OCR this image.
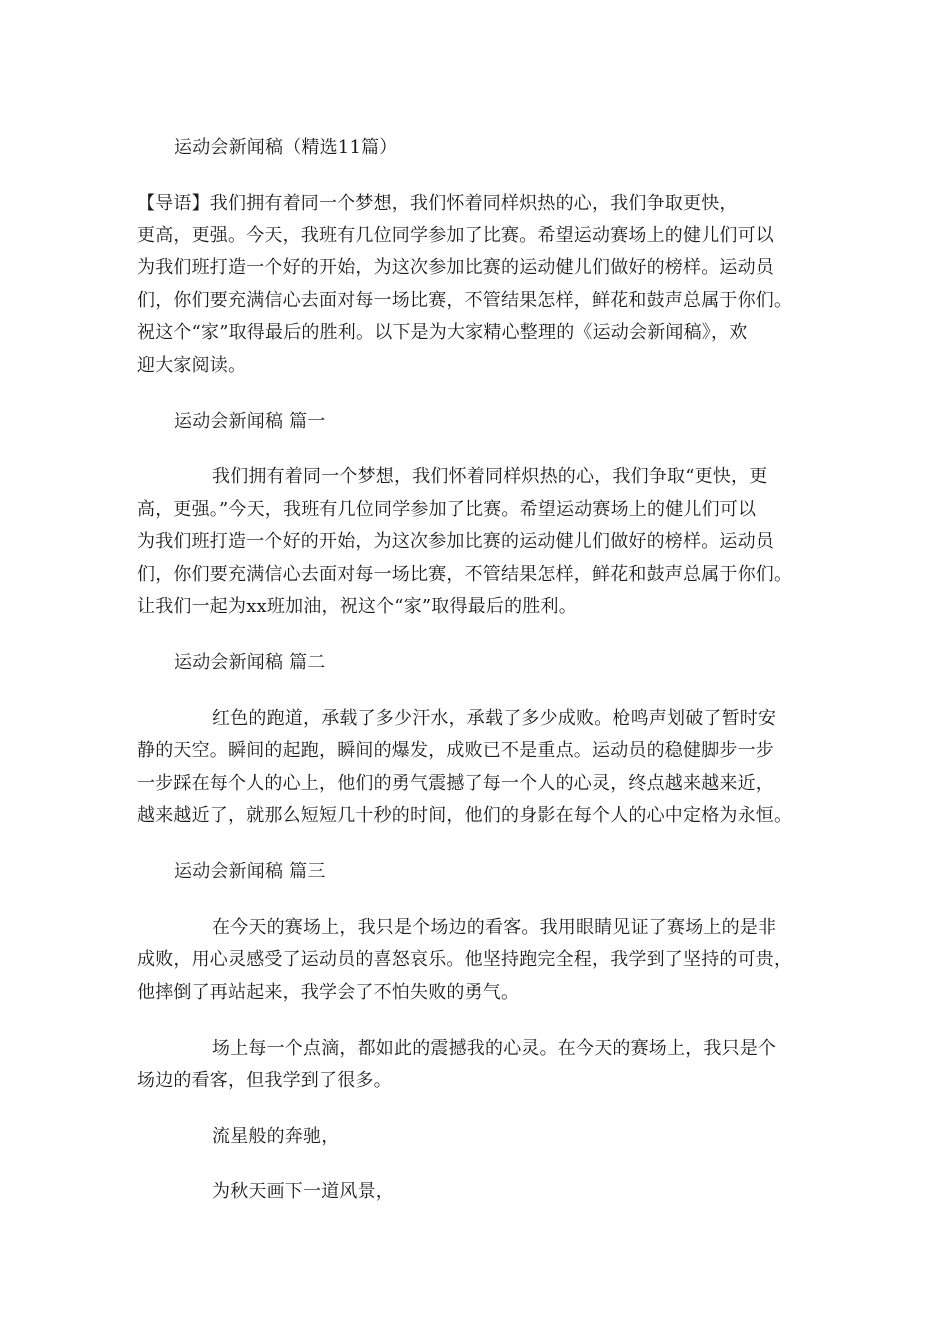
运动会新闻稿（精选11篇）
【导语】我们拥有着同一个梦想，我们怀着同样炽热的心，我们争取更快，
更高，更强。今天，我班有几位同学参加了比赛。希望运动赛场上的健儿们可以
为我们班打造一个好的开始，为这次参加比赛的运动健儿们做好的榜样。运动员
们，你们要充满信心去面对每一场比赛，不管结果怎样，鲜花和鼓声总属于你们。
祝这个“家”取得最后的胜利。以下是为大家精心整理的《运动会新闻稿》，欢
迎大家阅读。
运动会新闻稿 篇一
我们拥有着同一个梦想，我们怀着同样炽热的心，我们争取“更快，更
高，更强。”今天，我班有几位同学参加了比赛。希望运动赛场上的健儿们可以
为我们班打造一个好的开始，为这次参加比赛的运动健儿们做好的榜样。运动员
们，你们要充满信心去面对每一场比赛，不管结果怎样，鲜花和鼓声总属于你们。
让我们一起为xx班加油，祝这个“家”取得最后的胜利。
运动会新闻稿 篇二
红色的跑道，承载了多少汗水，承载了多少成败。枪鸣声划破了暂时安
静的天空。瞬间的起跑，瞬间的爆发，成败已不是重点。运动员的稳健脚步一步
一步踩在每个人的心上，他们的勇气震撼了每一个人的心灵，终点越来越来近，
越来越近了，就那么短短几十秒的时间，他们的身影在每个人的心中定格为永恒。
运动会新闻稿 篇三
在今天的赛场上，我只是个场边的看客。我用眼睛见证了赛场上的是非
成败，用心灵感受了运动员的喜怒哀乐。他坚持跑完全程，我学到了坚持的可贵，
他摔倒了再站起来，我学会了不怕失败的勇气。
场上每一个点滴，都如此的震撼我的心灵。在今天的赛场上，我只是个
场边的看客，但我学到了很多。
流星般的奔驰，
为秋天画下一道风景，
